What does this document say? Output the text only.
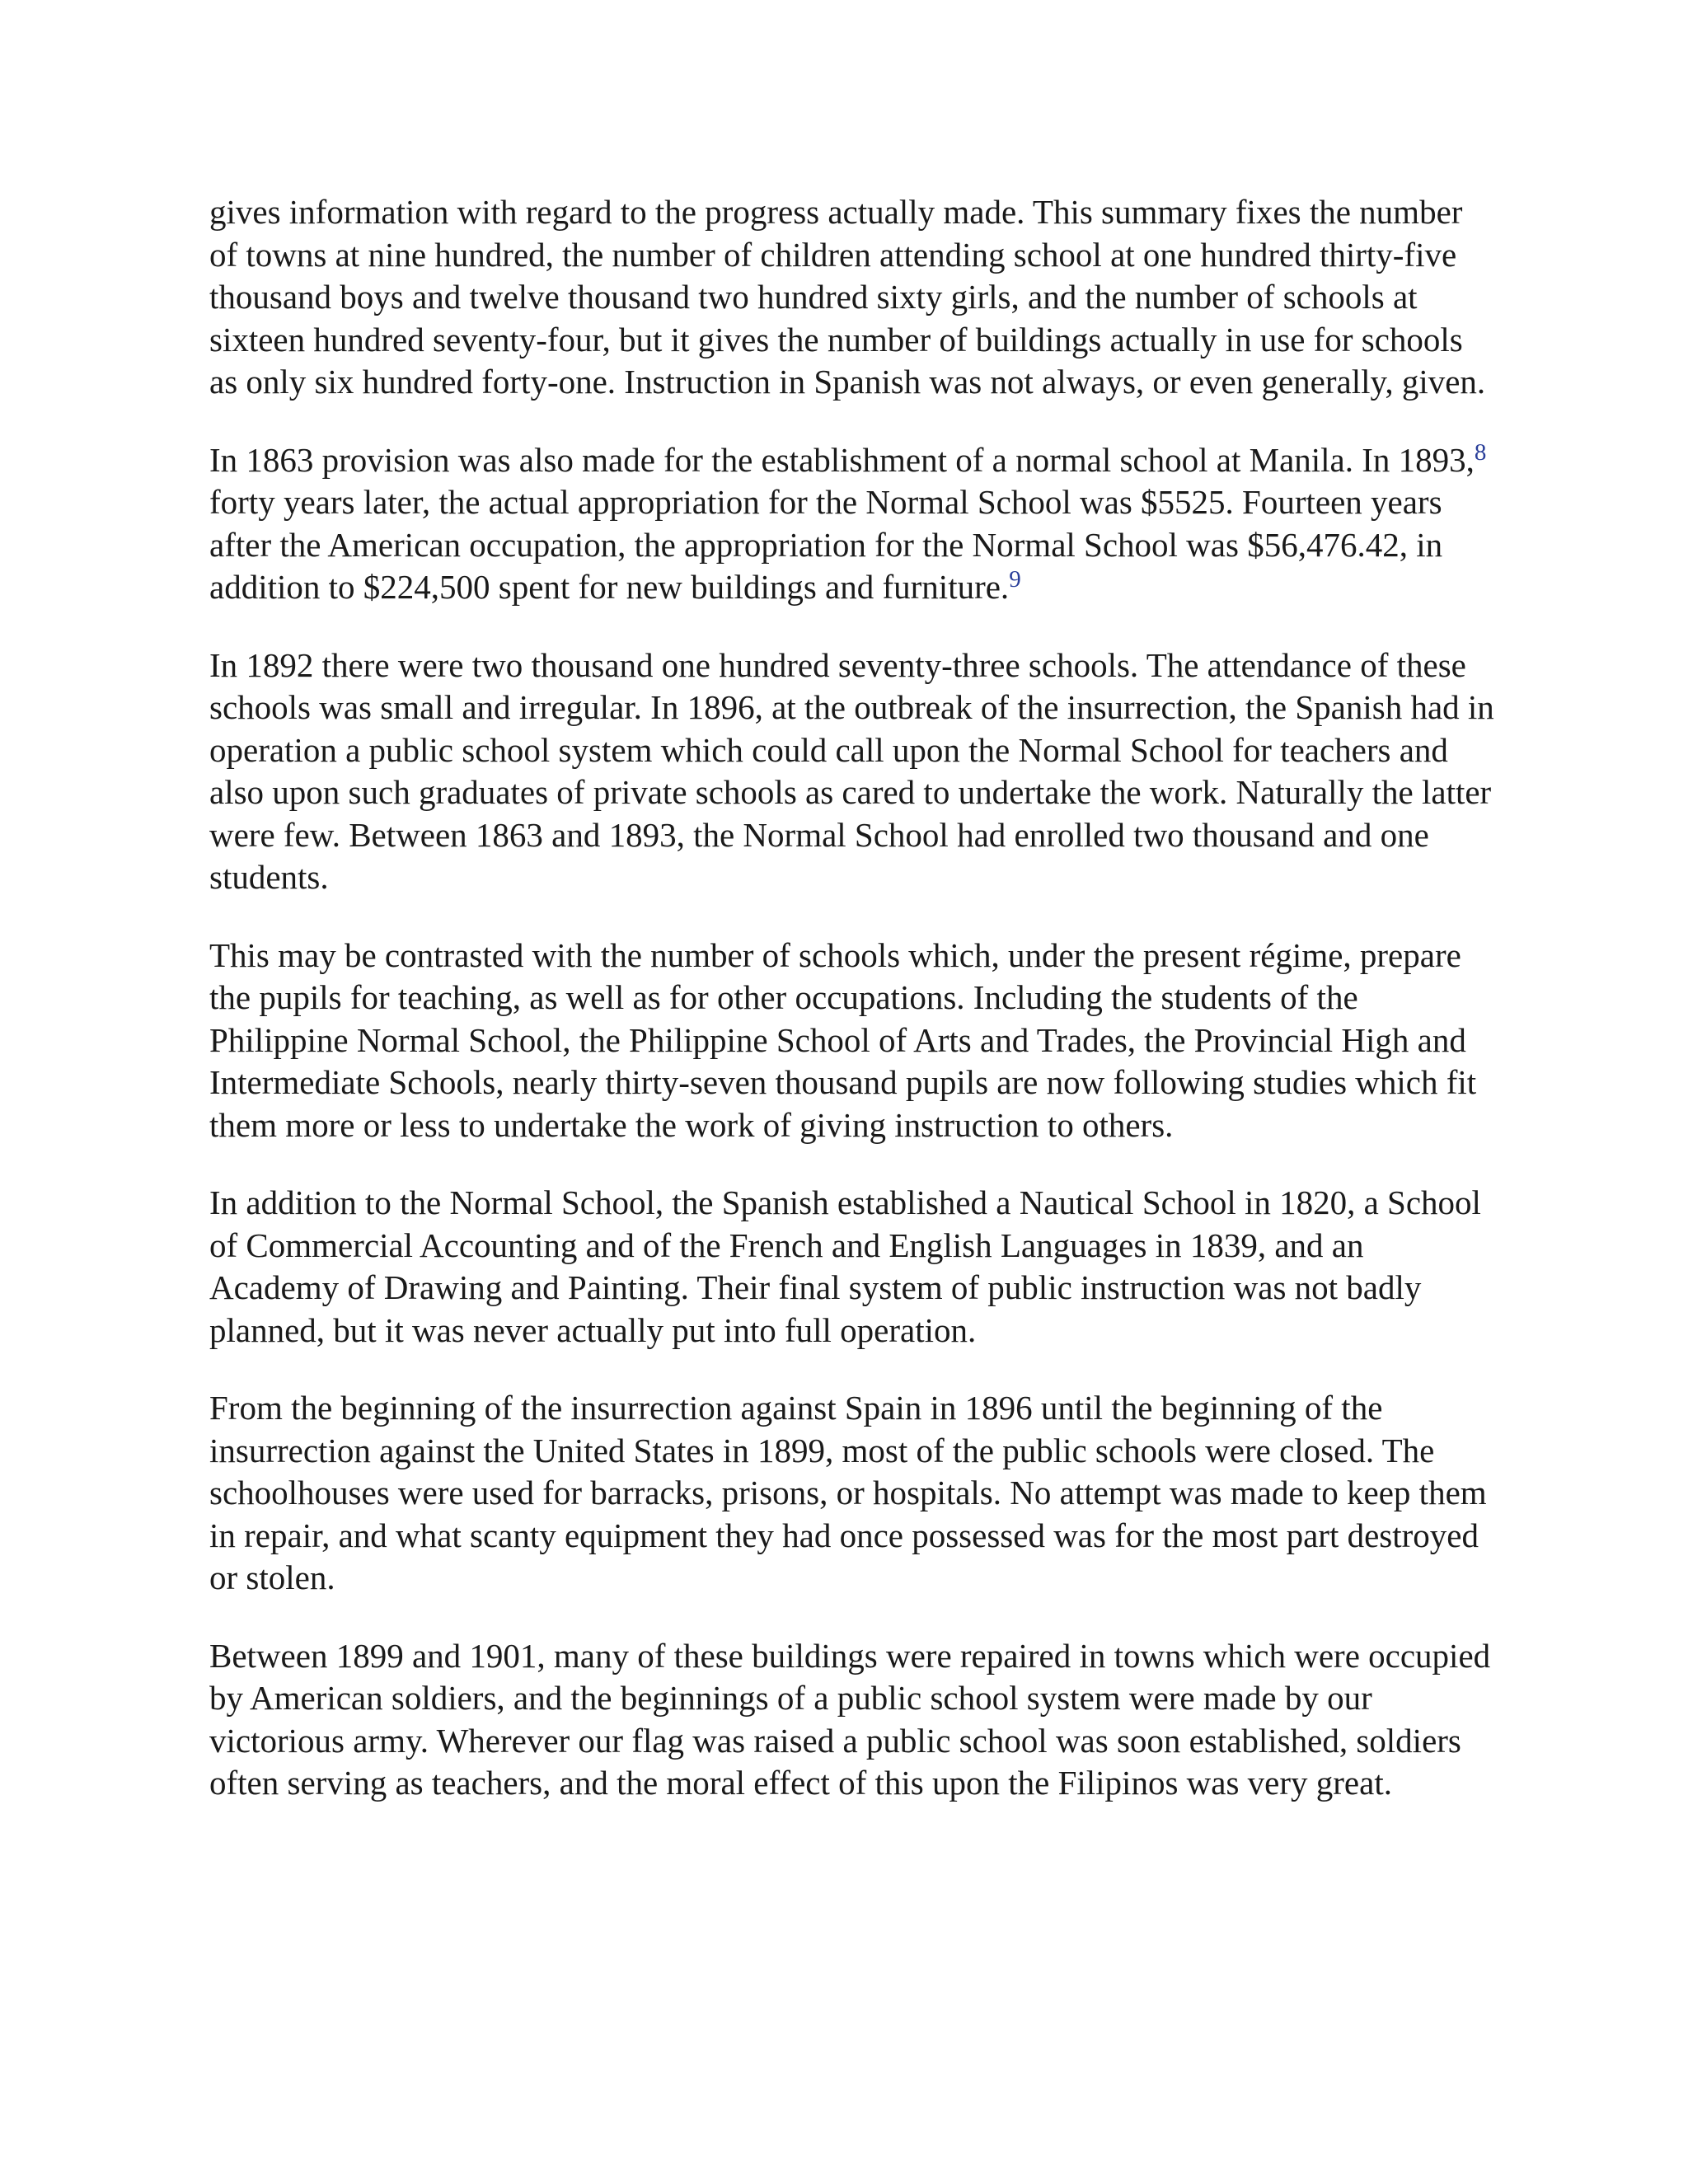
gives information with regard to the progress actually made. This summary fixes the number of towns at nine hundred, the number of children attending school at one hundred thirty-five thousand boys and twelve thousand two hundred sixty girls, and the number of schools at sixteen hundred seventy-four, but it gives the number of buildings actually in use for schools as only six hundred forty-one. Instruction in Spanish was not always, or even generally, given.

In 1863 provision was also made for the establishment of a normal school at Manila. In 1893,$^8$ forty years later, the actual appropriation for the Normal School was $5525. Fourteen years after the American occupation, the appropriation for the Normal School was $56,476.42, in addition to $224,500 spent for new buildings and furniture.$^9$

In 1892 there were two thousand one hundred seventy-three schools. The attendance of these schools was small and irregular. In 1896, at the outbreak of the insurrection, the Spanish had in operation a public school system which could call upon the Normal School for teachers and also upon such graduates of private schools as cared to undertake the work. Naturally the latter were few. Between 1863 and 1893, the Normal School had enrolled two thousand and one students.

This may be contrasted with the number of schools which, under the present régime, prepare the pupils for teaching, as well as for other occupations. Including the students of the Philippine Normal School, the Philippine School of Arts and Trades, the Provincial High and Intermediate Schools, nearly thirty-seven thousand pupils are now following studies which fit them more or less to undertake the work of giving instruction to others.

In addition to the Normal School, the Spanish established a Nautical School in 1820, a School of Commercial Accounting and of the French and English Languages in 1839, and an Academy of Drawing and Painting. Their final system of public instruction was not badly planned, but it was never actually put into full operation.

From the beginning of the insurrection against Spain in 1896 until the beginning of the insurrection against the United States in 1899, most of the public schools were closed. The schoolhouses were used for barracks, prisons, or hospitals. No attempt was made to keep them in repair, and what scanty equipment they had once possessed was for the most part destroyed or stolen.

Between 1899 and 1901, many of these buildings were repaired in towns which were occupied by American soldiers, and the beginnings of a public school system were made by our victorious army. Wherever our flag was raised a public school was soon established, soldiers often serving as teachers, and the moral effect of this upon the Filipinos was very great.
